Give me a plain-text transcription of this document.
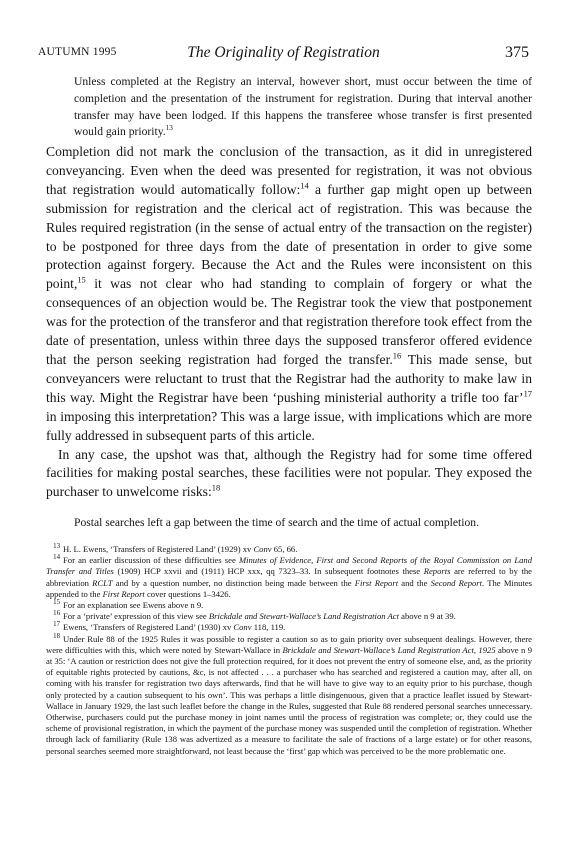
AUTUMN 1995	The Originality of Registration	375
Unless completed at the Registry an interval, however short, must occur between the time of completion and the presentation of the instrument for registration. During that interval another transfer may have been lodged. If this happens the transferee whose transfer is first presented would gain priority.$^{13}$

Completion did not mark the conclusion of the transaction, as it did in unregistered conveyancing. Even when the deed was presented for registration, it was not obvious that registration would automatically follow:$^{14}$ a further gap might open up between submission for registration and the clerical act of registration. This was because the Rules required registration (in the sense of actual entry of the transaction on the register) to be postponed for three days from the date of presentation in order to give some protection against forgery. Because the Act and the Rules were inconsistent on this point,$^{15}$ it was not clear who had standing to complain of forgery or what the consequences of an objection would be. The Registrar took the view that postponement was for the protection of the transferor and that registration therefore took effect from the date of presentation, unless within three days the supposed transferor offered evidence that the person seeking registration had forged the transfer.$^{16}$ This made sense, but conveyancers were reluctant to trust that the Registrar had the authority to make law in this way. Might the Registrar have been ‘pushing ministerial authority a trifle too far’$^{17}$ in imposing this interpretation? This was a large issue, with implications which are more fully addressed in subsequent parts of this article.

In any case, the upshot was that, although the Registry had for some time offered facilities for making postal searches, these facilities were not popular. They exposed the purchaser to unwelcome risks:$^{18}$

Postal searches left a gap between the time of search and the time of actual completion.

$^{13}$ H. L. Ewens, ‘Transfers of Registered Land’ (1929) xv Conv 65, 66.

$^{14}$ For an earlier discussion of these difficulties see Minutes of Evidence, First and Second Reports of the Royal Commission on Land Transfer and Titles (1909) HCP xxvii and (1911) HCP xxx, qq 7323–33. In subsequent footnotes these Reports are referred to by the abbreviation RCLT and by a question number, no distinction being made between the First Report and the Second Report. The Minutes appended to the First Report cover questions 1–3426.

$^{15}$ For an explanation see Ewens above n 9.

$^{16}$ For a ‘private’ expression of this view see Brickdale and Stewart-Wallace’s Land Registration Act above n 9 at 39.

$^{17}$ Ewens, ‘Transfers of Registered Land’ (1930) xv Conv 118, 119.

$^{18}$ Under Rule 88 of the 1925 Rules it was possible to register a caution so as to gain priority over subsequent dealings. However, there were difficulties with this, which were noted by Stewart-Wallace in Brickdale and Stewart-Wallace’s Land Registration Act, 1925 above n 9 at 35: ‘A caution or restriction does not give the full protection required, for it does not prevent the entry of someone else, and, as the priority of equitable rights protected by cautions, &c, is not affected . . . a purchaser who has searched and registered a caution may, after all, on coming with his transfer for registration two days afterwards, find that he will have to give way to an equity prior to his purchase, though only protected by a caution subsequent to his own’. This was perhaps a little disingenuous, given that a practice leaflet issued by Stewart-Wallace in January 1929, the last such leaflet before the change in the Rules, suggested that Rule 88 rendered personal searches unnecessary. Otherwise, purchasers could put the purchase money in joint names until the process of registration was complete; or, they could use the scheme of provisional registration, in which the payment of the purchase money was suspended until the completion of registration. Whether through lack of familiarity (Rule 138 was advertized as a measure to facilitate the sale of fractions of a large estate) or for other reasons, personal searches seemed more straightforward, not least because the ‘first’ gap which was perceived to be the more problematic one.
